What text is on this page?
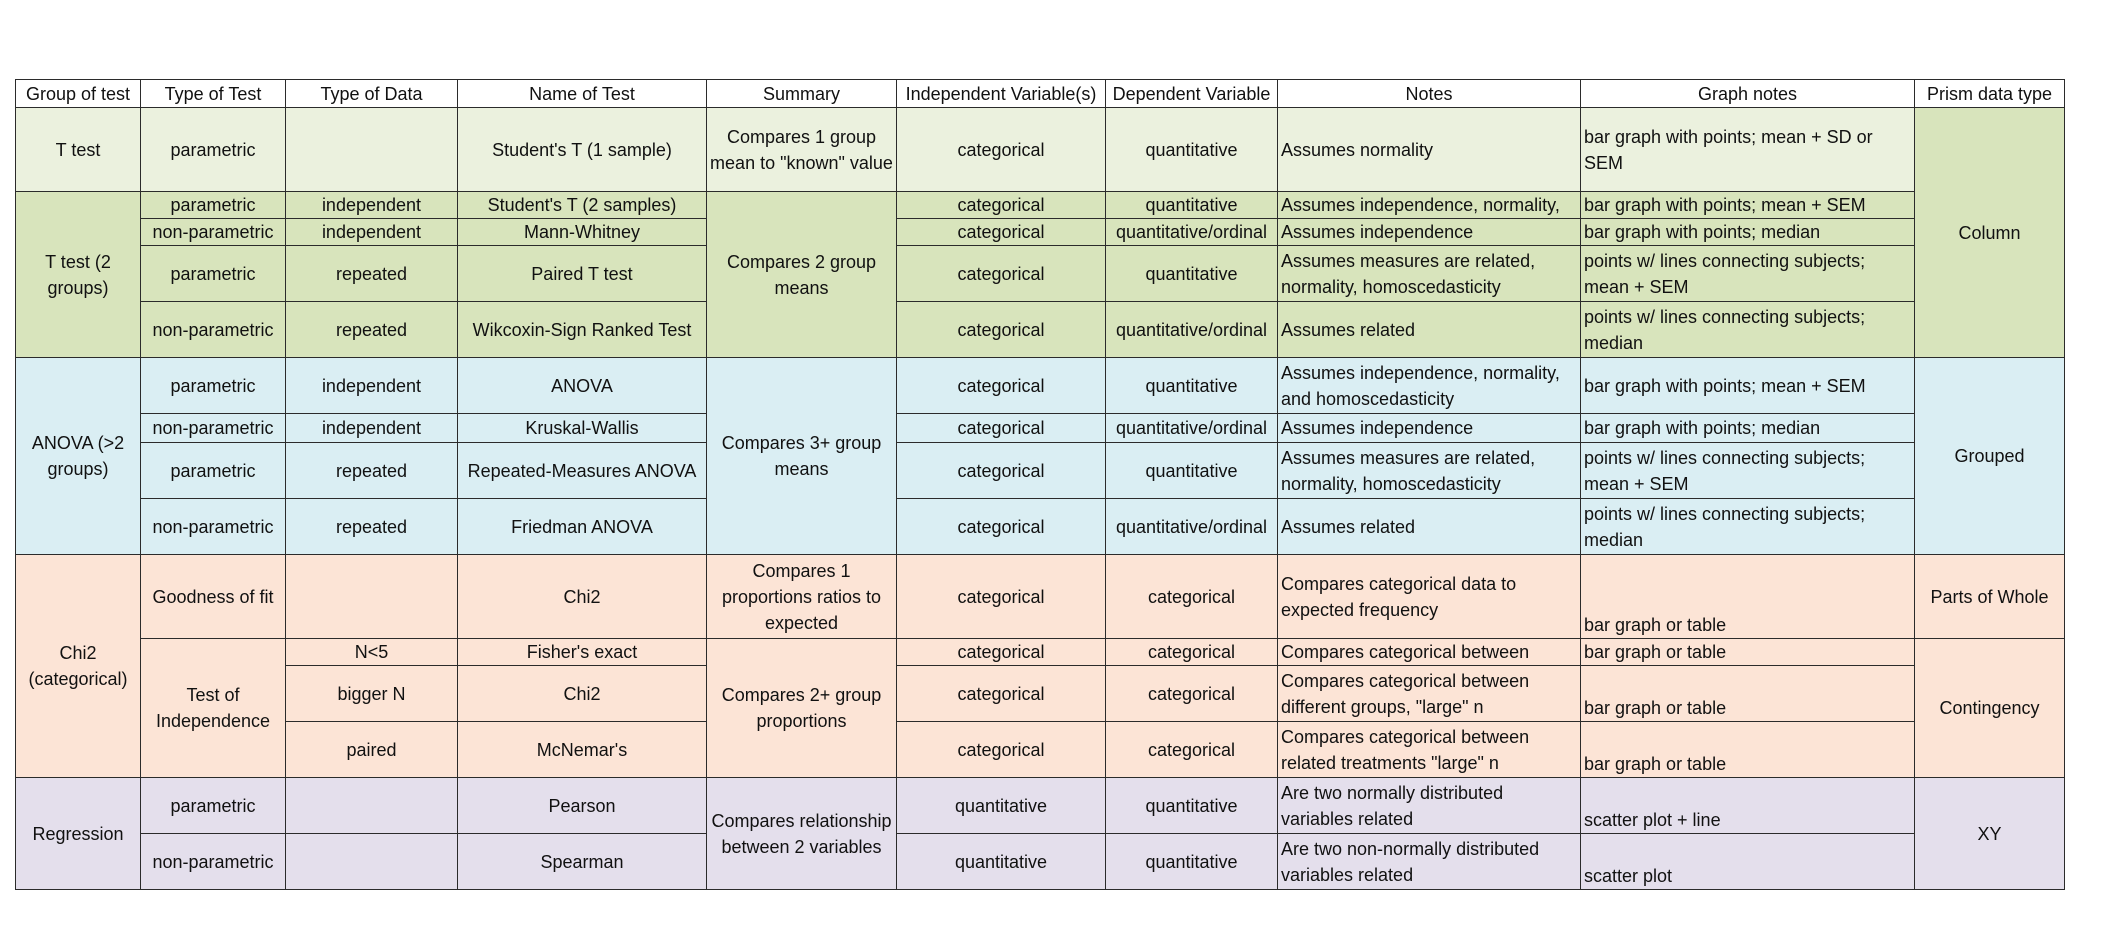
Group of test	Type of Test	Type of Data	Name of Test	Summary	Independent Variable(s)	Dependent Variable	Notes	Graph notes	Prism data type
T test	parametric		Student's T (1 sample)	Compares 1 group mean to "known" value	categorical	quantitative	Assumes normality	bar graph with points; mean + SD or SEM	Column
T test (2 groups)	parametric	independent	Student's T (2 samples)	Compares 2 group means	categorical	quantitative	Assumes independence, normality,	bar graph with points; mean + SEM	
	non-parametric	independent	Mann-Whitney		categorical	quantitative/ordinal	Assumes independence	bar graph with points; median	
	parametric	repeated	Paired T test		categorical	quantitative	Assumes measures are related, normality, homoscedasticity	points w/ lines connecting subjects; mean + SEM	
	non-parametric	repeated	Wikcoxin-Sign Ranked Test		categorical	quantitative/ordinal	Assumes related	points w/ lines connecting subjects; median	
ANOVA (>2 groups)	parametric	independent	ANOVA	Compares 3+ group means	categorical	quantitative	Assumes independence, normality, and homoscedasticity	bar graph with points; mean + SEM	Grouped
	non-parametric	independent	Kruskal-Wallis		categorical	quantitative/ordinal	Assumes independence	bar graph with points; median	
	parametric	repeated	Repeated-Measures ANOVA		categorical	quantitative	Assumes measures are related, normality, homoscedasticity	points w/ lines connecting subjects; mean + SEM	
	non-parametric	repeated	Friedman ANOVA		categorical	quantitative/ordinal	Assumes related	points w/ lines connecting subjects; median	
Chi2 (categorical)	Goodness of fit		Chi2	Compares 1 proportions ratios to expected	categorical	categorical	Compares categorical data to expected frequency	bar graph or table	Parts of Whole
	Test of Independence	N<5	Fisher's exact	Compares 2+ group proportions	categorical	categorical	Compares categorical between	bar graph or table	Contingency
		bigger N	Chi2		categorical	categorical	Compares categorical between different groups, "large" n	bar graph or table	
		paired	McNemar's		categorical	categorical	Compares categorical between related treatments "large" n	bar graph or table	
Regression	parametric		Pearson	Compares relationship between 2 variables	quantitative	quantitative	Are two normally distributed variables related	scatter plot + line	XY
	non-parametric		Spearman		quantitative	quantitative	Are two non-normally distributed variables related	scatter plot	
